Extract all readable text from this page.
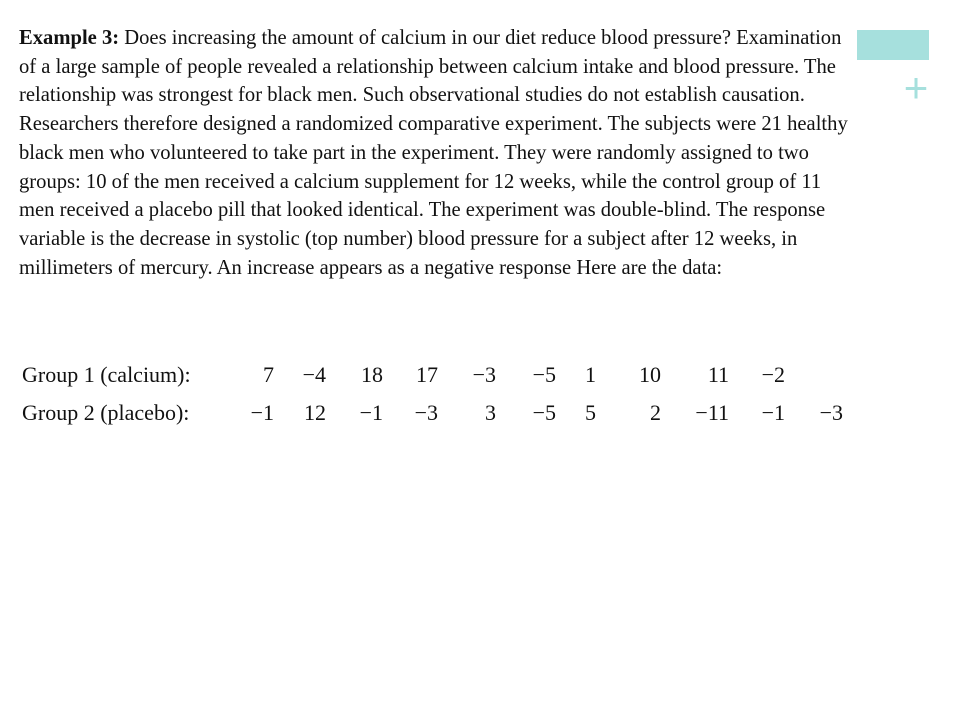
+

Example 3: Does increasing the amount of calcium in our diet reduce blood pressure? Examination of a large sample of people revealed a relationship between calcium intake and blood pressure. The relationship was strongest for black men. Such observational studies do not establish causation. Researchers therefore designed a randomized comparative experiment. The subjects were 21 healthy black men who volunteered to take part in the experiment. They were randomly assigned to two groups: 10 of the men received a calcium supplement for 12 weeks, while the control group of 11 men received a placebo pill that looked identical. The experiment was double-blind. The response variable is the decrease in systolic (top number) blood pressure for a subject after 12 weeks, in millimeters of mercury. An increase appears as a negative response Here are the data:

Group 1 (calcium):	7	−4	18	17	−3	−5	1	10	11	−2	
Group 2 (placebo):	−1	12	−1	−3	3	−5	5	2	−11	−1	−3
